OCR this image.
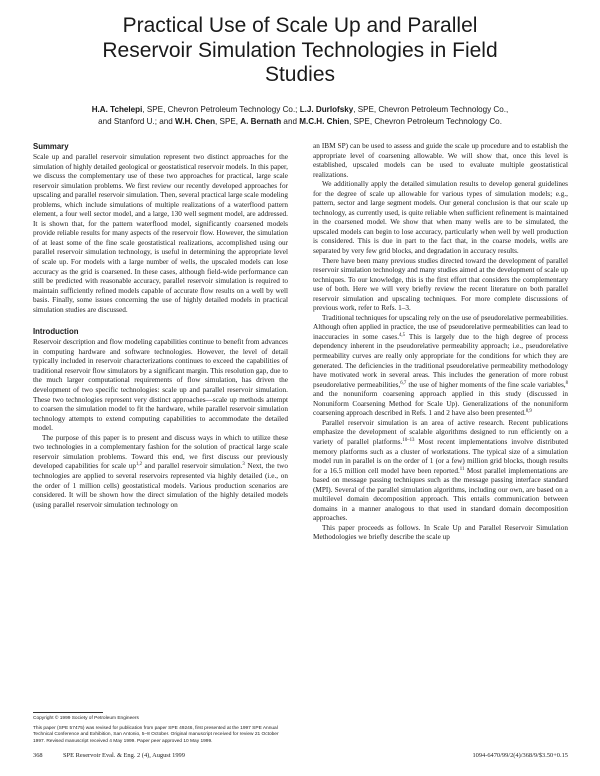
Practical Use of Scale Up and Parallel
Reservoir Simulation Technologies in Field
Studies

H.A. Tchelepi, SPE, Chevron Petroleum Technology Co.; L.J. Durlofsky, SPE, Chevron Petroleum Technology Co.,
and Stanford U.; and W.H. Chen, SPE, A. Bernath and M.C.H. Chien, SPE, Chevron Petroleum Technology Co.

Summary

Scale up and parallel reservoir simulation represent two distinct approaches for the simulation of highly detailed geological or geostatistical reservoir models. In this paper, we discuss the complementary use of these two approaches for practical, large scale reservoir simulation problems. We first review our recently developed approaches for upscaling and parallel reservoir simulation. Then, several practical large scale modeling problems, which include simulations of multiple realizations of a waterflood pattern element, a four well sector model, and a large, 130 well segment model, are addressed. It is shown that, for the pattern waterflood model, significantly coarsened models provide reliable results for many aspects of the reservoir flow. However, the simulation of at least some of the fine scale geostatistical realizations, accomplished using our parallel reservoir simulation technology, is useful in determining the appropriate level of scale up. For models with a large number of wells, the upscaled models can lose accuracy as the grid is coarsened. In these cases, although field-wide performance can still be predicted with reasonable accuracy, parallel reservoir simulation is required to maintain sufficiently refined models capable of accurate flow results on a well by well basis. Finally, some issues concerning the use of highly detailed models in practical simulation studies are discussed.

Introduction

Reservoir description and flow modeling capabilities continue to benefit from advances in computing hardware and software technologies. However, the level of detail typically included in reservoir characterizations continues to exceed the capabilities of traditional reservoir flow simulators by a significant margin. This resolution gap, due to the much larger computational requirements of flow simulation, has driven the development of two specific technologies: scale up and parallel reservoir simulation. These two technologies represent very distinct approaches—scale up methods attempt to coarsen the simulation model to fit the hardware, while parallel reservoir simulation technology attempts to extend computing capabilities to accommodate the detailed model.

The purpose of this paper is to present and discuss ways in which to utilize these two technologies in a complementary fashion for the solution of practical large scale reservoir simulation problems. Toward this end, we first discuss our previously developed capabilities for scale up$^{1,2}$ and parallel reservoir simulation.$^3$ Next, the two technologies are applied to several reservoirs represented via highly detailed (i.e., on the order of 1 million cells) geostatistical models. Various production scenarios are considered. It will be shown how the direct simulation of the highly detailed models (using parallel reservoir simulation technology on

an IBM SP) can be used to assess and guide the scale up procedure and to establish the appropriate level of coarsening allowable. We will show that, once this level is established, upscaled models can be used to evaluate multiple geostatistical realizations.

We additionally apply the detailed simulation results to develop general guidelines for the degree of scale up allowable for various types of simulation models; e.g., pattern, sector and large segment models. Our general conclusion is that our scale up technology, as currently used, is quite reliable when sufficient refinement is maintained in the coarsened model. We show that when many wells are to be simulated, the upscaled models can begin to lose accuracy, particularly when well by well production is considered. This is due in part to the fact that, in the coarse models, wells are separated by very few grid blocks, and degradation in accuracy results.

There have been many previous studies directed toward the development of parallel reservoir simulation technology and many studies aimed at the development of scale up techniques. To our knowledge, this is the first effort that considers the complementary use of both. Here we will very briefly review the recent literature on both parallel reservoir simulation and upscaling techniques. For more complete discussions of previous work, refer to Refs. 1–3.

Traditional techniques for upscaling rely on the use of pseudorelative permeabilities. Although often applied in practice, the use of pseudorelative permeabilities can lead to inaccuracies in some cases.$^{4,5}$ This is largely due to the high degree of process dependency inherent in the pseudorelative permeability approach; i.e., pseudorelative permeability curves are really only appropriate for the conditions for which they are generated. The deficiencies in the traditional pseudorelative permeability methodology have motivated work in several areas. This includes the generation of more robust pseudorelative permeabilities,$^{6,7}$ the use of higher moments of the fine scale variables,$^8$ and the nonuniform coarsening approach applied in this study (discussed in Nonuniform Coarsening Method for Scale Up). Generalizations of the nonuniform coarsening approach described in Refs. 1 and 2 have also been presented.$^{8,9}$

Parallel reservoir simulation is an area of active research. Recent publications emphasize the development of scalable algorithms designed to run efficiently on a variety of parallel platforms.$^{10-13}$ Most recent implementations involve distributed memory platforms such as a cluster of workstations. The typical size of a simulation model run in parallel is on the order of 1 (or a few) million grid blocks, though results for a 16.5 million cell model have been reported.$^{11}$ Most parallel implementations are based on message passing techniques such as the message passing interface standard (MPI). Several of the parallel simulation algorithms, including our own, are based on a multilevel domain decomposition approach. This entails communication between domains in a manner analogous to that used in standard domain decomposition approaches.

This paper proceeds as follows. In Scale Up and Parallel Reservoir Simulation Methodologies we briefly describe the scale up

Copyright © 1999 Society of Petroleum Engineers

This paper (SPE 57475) was revised for publication from paper SPE 49246, first presented at the 1997 SPE Annual Technical Conference and Exhibition, San Antonio, 5–8 October. Original manuscript received for review 21 October 1997. Revised manuscript received 4 May 1999. Paper peer approved 10 May 1999.

368	SPE Reservoir Eval. & Eng. 2 (4), August 1999	1094-6470/99/2(4)/368/9/$3.50+0.15
